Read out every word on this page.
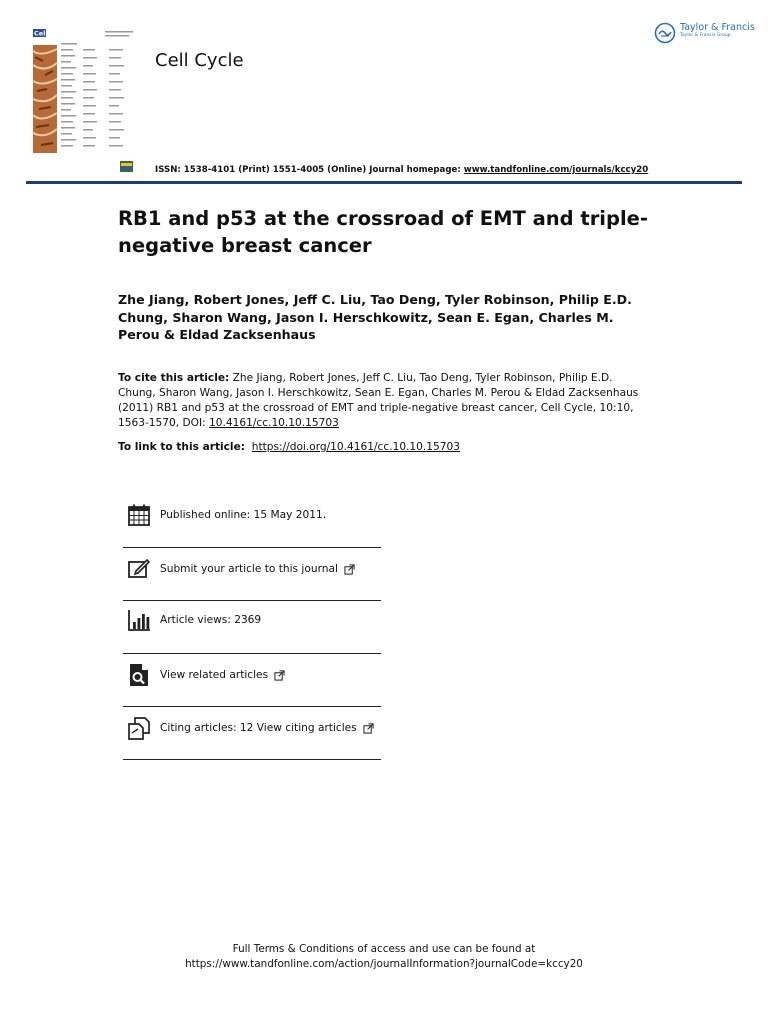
CellCycle
Cell Cycle
Taylor & Francis
Taylor & Francis Group
ISSN: 1538-4101 (Print) 1551-4005 (Online) Journal homepage: www.tandfonline.com/journals/kccy20
RB1 and p53 at the crossroad of EMT and triple-negative breast cancer
Zhe Jiang, Robert Jones, Jeff C. Liu, Tao Deng, Tyler Robinson, Philip E.D. Chung, Sharon Wang, Jason I. Herschkowitz, Sean E. Egan, Charles M. Perou & Eldad Zacksenhaus
To cite this article: Zhe Jiang, Robert Jones, Jeff C. Liu, Tao Deng, Tyler Robinson, Philip E.D. Chung, Sharon Wang, Jason I. Herschkowitz, Sean E. Egan, Charles M. Perou & Eldad Zacksenhaus (2011) RB1 and p53 at the crossroad of EMT and triple-negative breast cancer, Cell Cycle, 10:10, 1563-1570, DOI: 10.4161/cc.10.10.15703
To link to this article: https://doi.org/10.4161/cc.10.10.15703
Published online: 15 May 2011.
Submit your article to this journal
Article views: 2369
View related articles
Citing articles: 12 View citing articles
Full Terms & Conditions of access and use can be found at
https://www.tandfonline.com/action/journalInformation?journalCode=kccy20
